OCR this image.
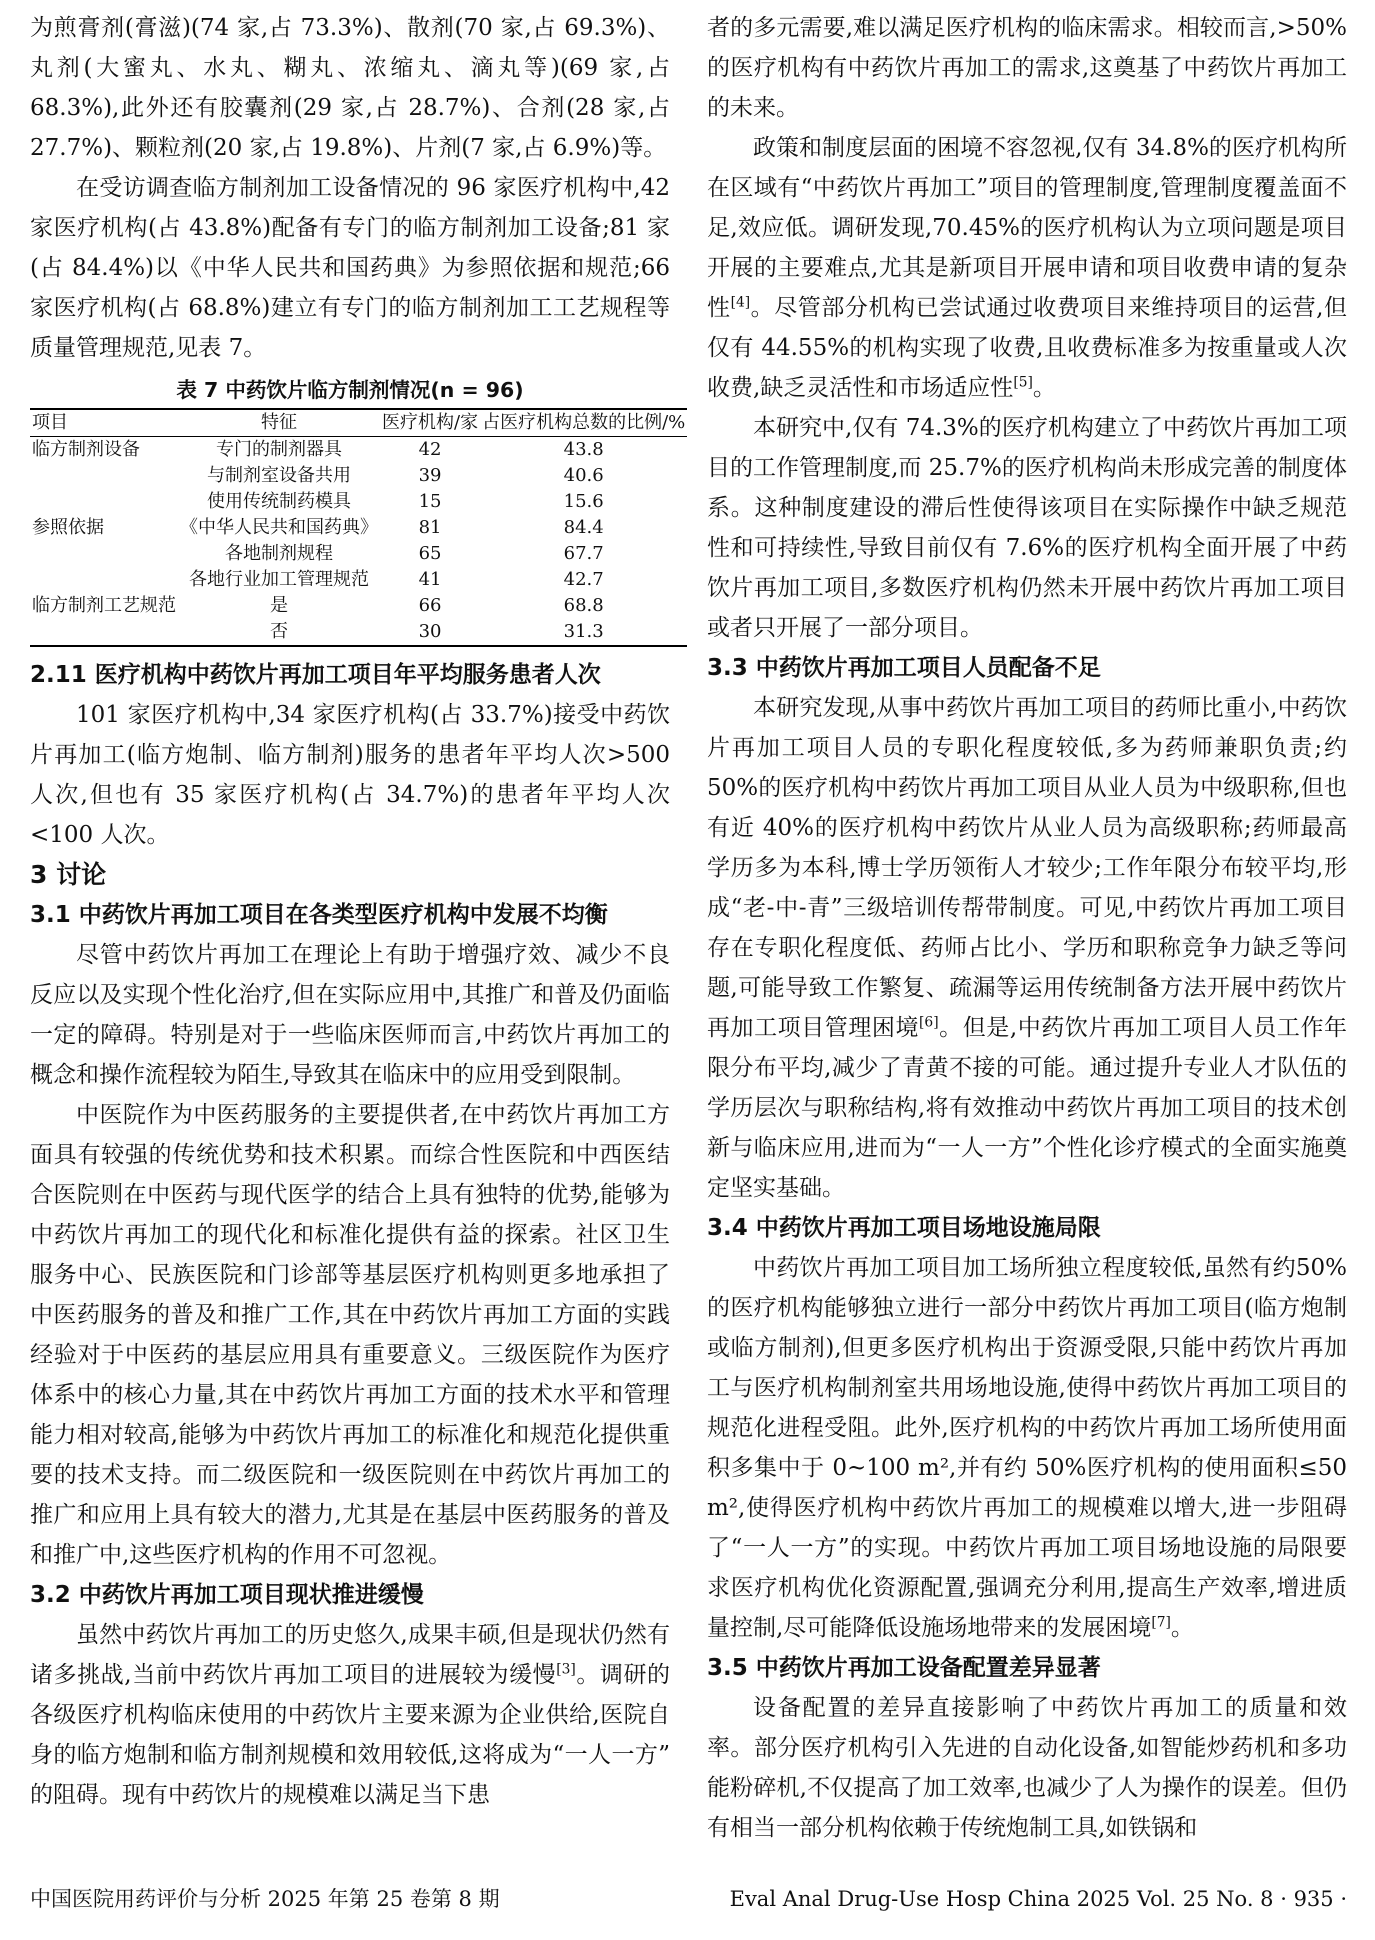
为煎膏剂(膏滋)(74 家,占 73.3%)、散剂(70 家,占 69.3%)、丸剂(大蜜丸、水丸、糊丸、浓缩丸、滴丸等)(69 家,占 68.3%),此外还有胶囊剂(29 家,占 28.7%)、合剂(28 家,占 27.7%)、颗粒剂(20 家,占 19.8%)、片剂(7 家,占 6.9%)等。

在受访调查临方制剂加工设备情况的 96 家医疗机构中,42 家医疗机构(占 43.8%)配备有专门的临方制剂加工设备;81 家(占 84.4%)以《中华人民共和国药典》为参照依据和规范;66 家医疗机构(占 68.8%)建立有专门的临方制剂加工工艺规程等质量管理规范,见表 7。

表 7 中药饮片临方制剂情况(n = 96)
项目	特征	医疗机构/家	占医疗机构总数的比例/%
临方制剂设备	专门的制剂器具	42	43.8
	与制剂室设备共用	39	40.6
	使用传统制药模具	15	15.6
参照依据	《中华人民共和国药典》	81	84.4
	各地制剂规程	65	67.7
	各地行业加工管理规范	41	42.7
临方制剂工艺规范	是	66	68.8
	否	30	31.3
2.11 医疗机构中药饮片再加工项目年平均服务患者人次

101 家医疗机构中,34 家医疗机构(占 33.7%)接受中药饮片再加工(临方炮制、临方制剂)服务的患者年平均人次>500 人次,但也有 35 家医疗机构(占 34.7%)的患者年平均人次<100 人次。

3 讨论
3.1 中药饮片再加工项目在各类型医疗机构中发展不均衡

尽管中药饮片再加工在理论上有助于增强疗效、减少不良反应以及实现个性化治疗,但在实际应用中,其推广和普及仍面临一定的障碍。特别是对于一些临床医师而言,中药饮片再加工的概念和操作流程较为陌生,导致其在临床中的应用受到限制。

中医院作为中医药服务的主要提供者,在中药饮片再加工方面具有较强的传统优势和技术积累。而综合性医院和中西医结合医院则在中医药与现代医学的结合上具有独特的优势,能够为中药饮片再加工的现代化和标准化提供有益的探索。社区卫生服务中心、民族医院和门诊部等基层医疗机构则更多地承担了中医药服务的普及和推广工作,其在中药饮片再加工方面的实践经验对于中医药的基层应用具有重要意义。三级医院作为医疗体系中的核心力量,其在中药饮片再加工方面的技术水平和管理能力相对较高,能够为中药饮片再加工的标准化和规范化提供重要的技术支持。而二级医院和一级医院则在中药饮片再加工的推广和应用上具有较大的潜力,尤其是在基层中医药服务的普及和推广中,这些医疗机构的作用不可忽视。

3.2 中药饮片再加工项目现状推进缓慢

虽然中药饮片再加工的历史悠久,成果丰硕,但是现状仍然有诸多挑战,当前中药饮片再加工项目的进展较为缓慢[3]。调研的各级医疗机构临床使用的中药饮片主要来源为企业供给,医院自身的临方炮制和临方制剂规模和效用较低,这将成为“一人一方”的阻碍。现有中药饮片的规模难以满足当下患

者的多元需要,难以满足医疗机构的临床需求。相较而言,>50%的医疗机构有中药饮片再加工的需求,这奠基了中药饮片再加工的未来。

政策和制度层面的困境不容忽视,仅有 34.8%的医疗机构所在区域有“中药饮片再加工”项目的管理制度,管理制度覆盖面不足,效应低。调研发现,70.45%的医疗机构认为立项问题是项目开展的主要难点,尤其是新项目开展申请和项目收费申请的复杂性[4]。尽管部分机构已尝试通过收费项目来维持项目的运营,但仅有 44.55%的机构实现了收费,且收费标准多为按重量或人次收费,缺乏灵活性和市场适应性[5]。

本研究中,仅有 74.3%的医疗机构建立了中药饮片再加工项目的工作管理制度,而 25.7%的医疗机构尚未形成完善的制度体系。这种制度建设的滞后性使得该项目在实际操作中缺乏规范性和可持续性,导致目前仅有 7.6%的医疗机构全面开展了中药饮片再加工项目,多数医疗机构仍然未开展中药饮片再加工项目或者只开展了一部分项目。

3.3 中药饮片再加工项目人员配备不足

本研究发现,从事中药饮片再加工项目的药师比重小,中药饮片再加工项目人员的专职化程度较低,多为药师兼职负责;约 50%的医疗机构中药饮片再加工项目从业人员为中级职称,但也有近 40%的医疗机构中药饮片从业人员为高级职称;药师最高学历多为本科,博士学历领衔人才较少;工作年限分布较平均,形成“老-中-青”三级培训传帮带制度。可见,中药饮片再加工项目存在专职化程度低、药师占比小、学历和职称竞争力缺乏等问题,可能导致工作繁复、疏漏等运用传统制备方法开展中药饮片再加工项目管理困境[6]。但是,中药饮片再加工项目人员工作年限分布平均,减少了青黄不接的可能。通过提升专业人才队伍的学历层次与职称结构,将有效推动中药饮片再加工项目的技术创新与临床应用,进而为“一人一方”个性化诊疗模式的全面实施奠定坚实基础。

3.4 中药饮片再加工项目场地设施局限

中药饮片再加工项目加工场所独立程度较低,虽然有约50%的医疗机构能够独立进行一部分中药饮片再加工项目(临方炮制或临方制剂),但更多医疗机构出于资源受限,只能中药饮片再加工与医疗机构制剂室共用场地设施,使得中药饮片再加工项目的规范化进程受阻。此外,医疗机构的中药饮片再加工场所使用面积多集中于 0~100 m²,并有约 50%医疗机构的使用面积≤50 m²,使得医疗机构中药饮片再加工的规模难以增大,进一步阻碍了“一人一方”的实现。中药饮片再加工项目场地设施的局限要求医疗机构优化资源配置,强调充分利用,提高生产效率,增进质量控制,尽可能降低设施场地带来的发展困境[7]。

3.5 中药饮片再加工设备配置差异显著

设备配置的差异直接影响了中药饮片再加工的质量和效率。部分医疗机构引入先进的自动化设备,如智能炒药机和多功能粉碎机,不仅提高了加工效率,也减少了人为操作的误差。但仍有相当一部分机构依赖于传统炮制工具,如铁锅和

中国医院用药评价与分析 2025 年第 25 卷第 8 期	Eval Anal Drug-Use Hosp China 2025 Vol. 25 No. 8 · 935 ·
